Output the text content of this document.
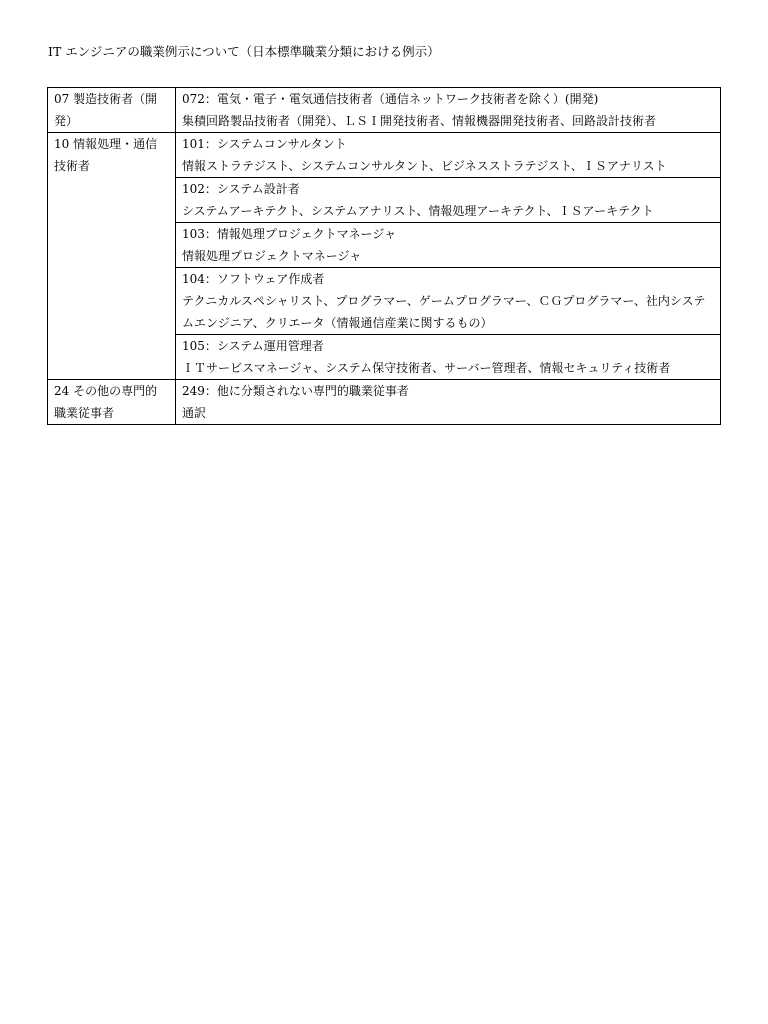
IT エンジニアの職業例示について（日本標準職業分類における例示）
07 製造技術者（開発）	072：電気・電子・電気通信技術者（通信ネットワーク技術者を除く）(開発)
集積回路製品技術者（開発）、ＬＳＩ開発技術者、情報機器開発技術者、回路設計技術者

10 情報処理・通信技術者	101：システムコンサルタント
情報ストラテジスト、システムコンサルタント、ビジネスストラテジスト、ＩＳアナリスト

	102：システム設計者
システムアーキテクト、システムアナリスト、情報処理アーキテクト、ＩＳアーキテクト

	103：情報処理プロジェクトマネージャ
情報処理プロジェクトマネージャ

	104：ソフトウェア作成者
テクニカルスペシャリスト、プログラマー、ゲームプログラマー、ＣＧプログラマー、社内システムエンジニア、クリエータ（情報通信産業に関するもの）

	105：システム運用管理者
ＩＴサービスマネージャ、システム保守技術者、サーバー管理者、情報セキュリティ技術者

24 その他の専門的職業従事者	249：他に分類されない専門的職業従事者
通訳
